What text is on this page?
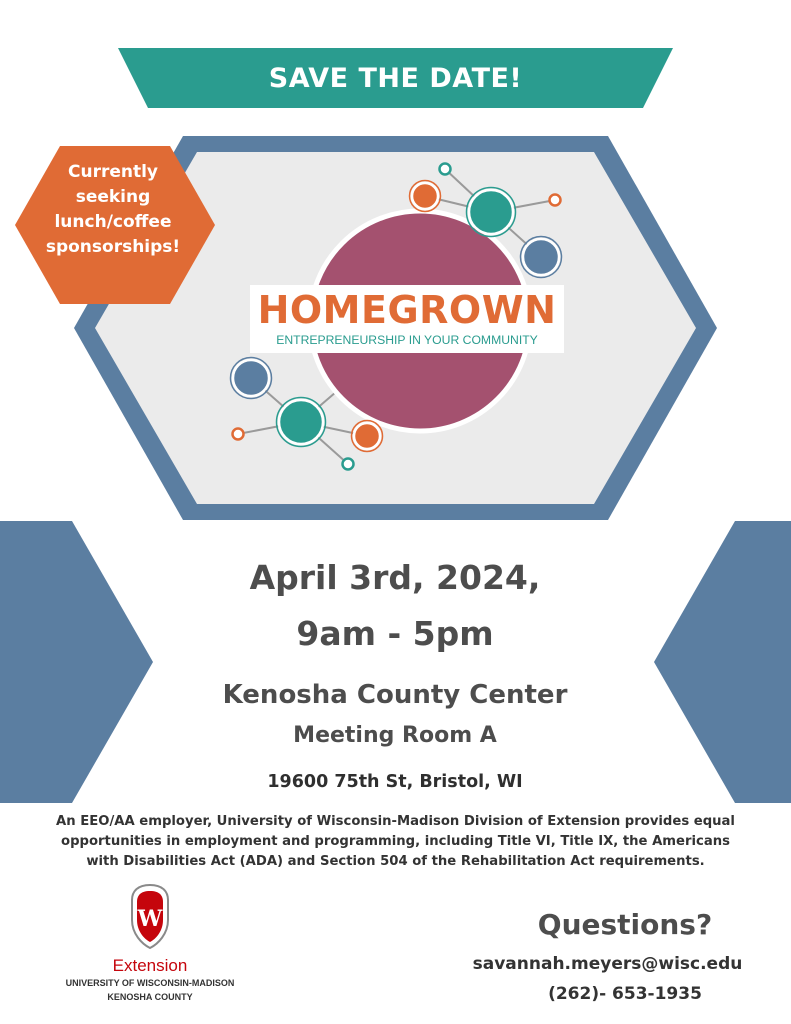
SAVE THE DATE!
Currently
seeking
lunch/coffee
sponsorships!
HOMEGROWN
ENTREPRENEURSHIP IN YOUR COMMUNITY
April 3rd, 2024,
9am - 5pm
Kenosha County Center
Meeting Room A
19600 75th St, Bristol, WI
An EEO/AA employer, University of Wisconsin-Madison Division of Extension provides equal
opportunities in employment and programming, including Title VI, Title IX, the Americans
with Disabilities Act (ADA) and Section 504 of the Rehabilitation Act requirements.
W
Extension
UNIVERSITY OF WISCONSIN-MADISON
KENOSHA COUNTY
Questions?
savannah.meyers@wisc.edu
(262)- 653-1935
